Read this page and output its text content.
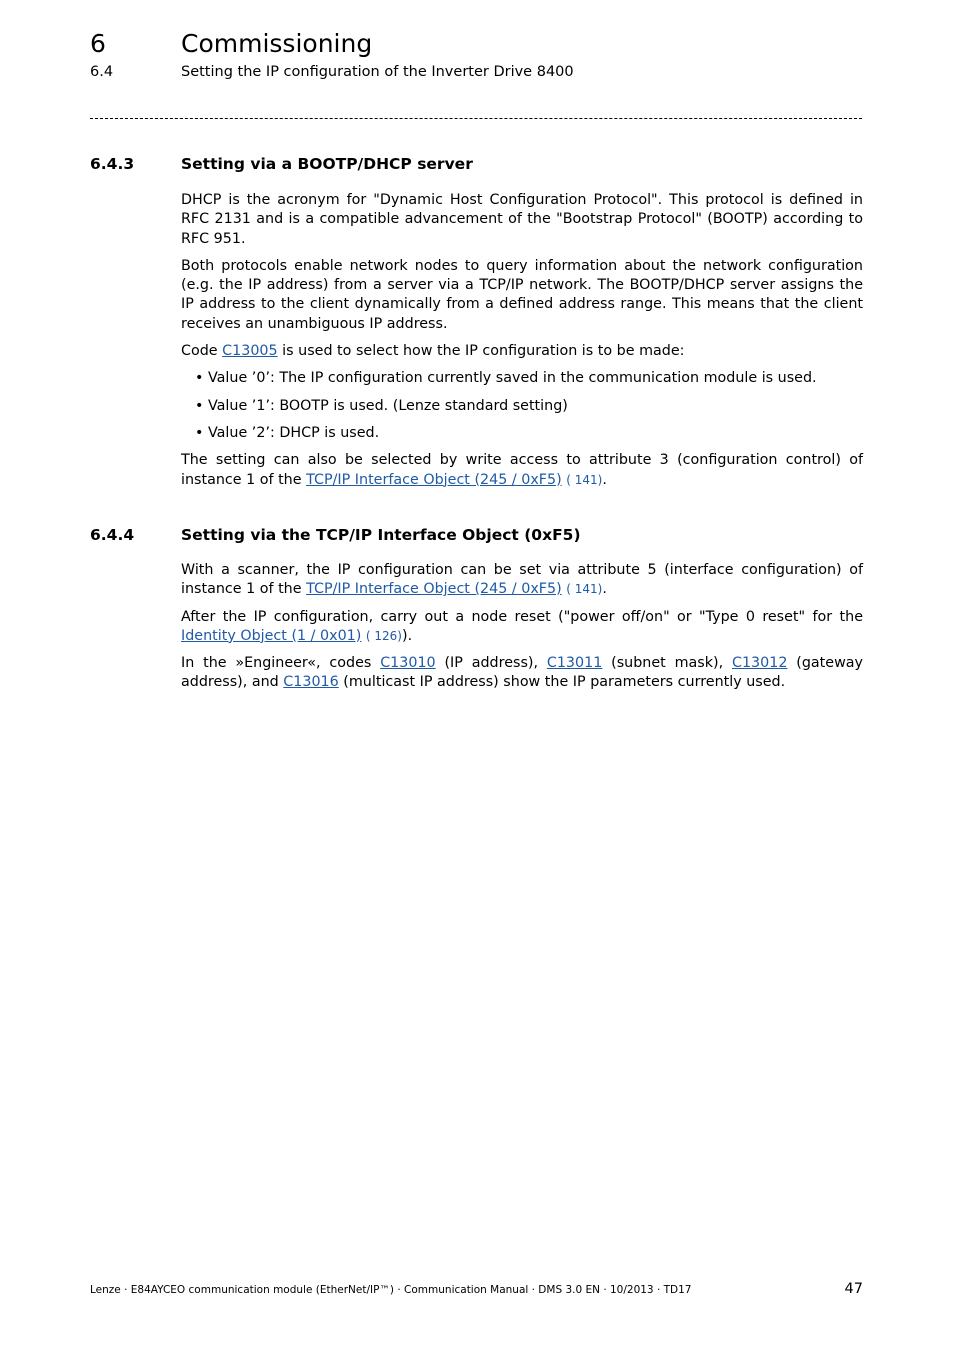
6	Commissioning
6.4	Setting the IP configuration of the Inverter Drive 8400
6.4.3	Setting via a BOOTP/DHCP server

DHCP is the acronym for "Dynamic Host Configuration Protocol". This protocol is defined in RFC 2131 and is a compatible advancement of the "Bootstrap Protocol" (BOOTP) according to RFC 951.

Both protocols enable network nodes to query information about the network configuration (e.g. the IP address) from a server via a TCP/IP network. The BOOTP/DHCP server assigns the IP address to the client dynamically from a defined address range. This means that the client receives an unambiguous IP address.

Code C13005 is used to select how the IP configuration is to be made:

• Value ’0’: The IP configuration currently saved in the communication module is used.
• Value ’1’: BOOTP is used. (Lenze standard setting)
• Value ’2’: DHCP is used.

The setting can also be selected by write access to attribute 3 (configuration control) of instance 1 of the TCP/IP Interface Object (245 / 0xF5) ( 141).

6.4.4	Setting via the TCP/IP Interface Object (0xF5)

With a scanner, the IP configuration can be set via attribute 5 (interface configuration) of instance 1 of the TCP/IP Interface Object (245 / 0xF5) ( 141).

After the IP configuration, carry out a node reset ("power off/on" or "Type 0 reset" for the Identity Object (1 / 0x01) ( 126)).

In the »Engineer«, codes C13010 (IP address), C13011 (subnet mask), C13012 (gateway address), and C13016 (multicast IP address) show the IP parameters currently used.

Lenze · E84AYCEO communication module (EtherNet/IP™) · Communication Manual · DMS 3.0 EN · 10/2013 · TD17	47
